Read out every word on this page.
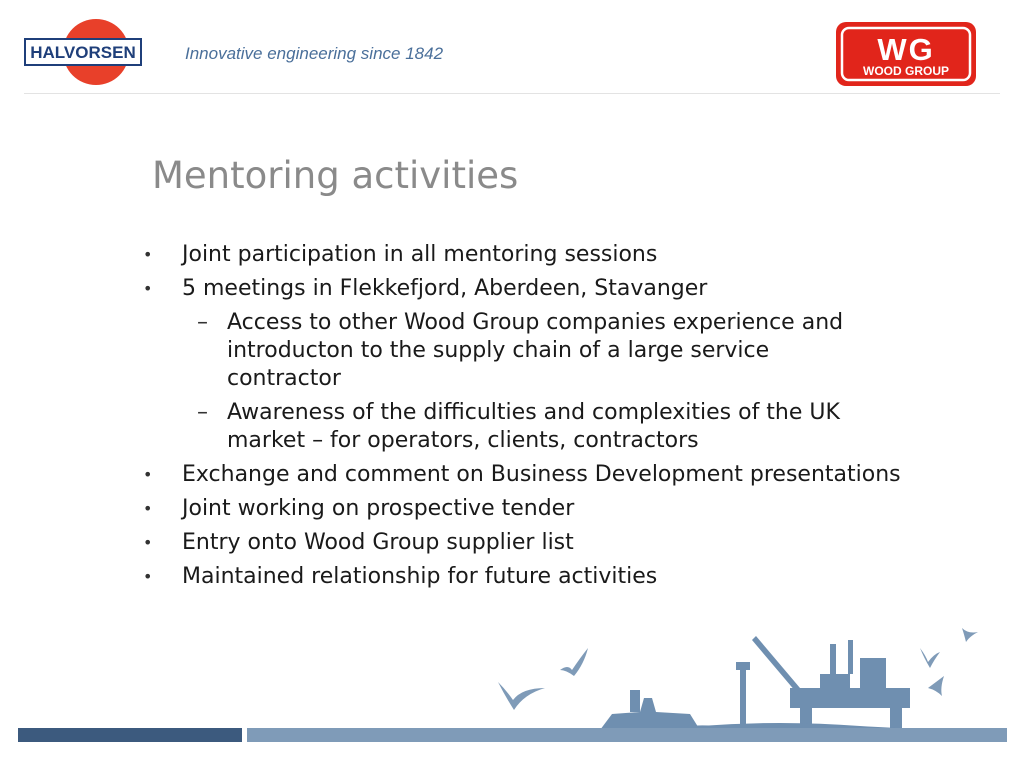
HALVORSEN	Innovative engineering since 1842	WG
WOOD GROUP
Mentoring activities
• Joint participation in all mentoring sessions
• 5 meetings in Flekkefjord, Aberdeen, Stavanger
– Access to other Wood Group companies experience and introducton to the supply chain of a large service contractor
– Awareness of the difficulties and complexities of the UK market – for operators, clients, contractors
• Exchange and comment on Business Development presentations
• Joint working on prospective tender
• Entry onto Wood Group supplier list
• Maintained relationship for future activities
